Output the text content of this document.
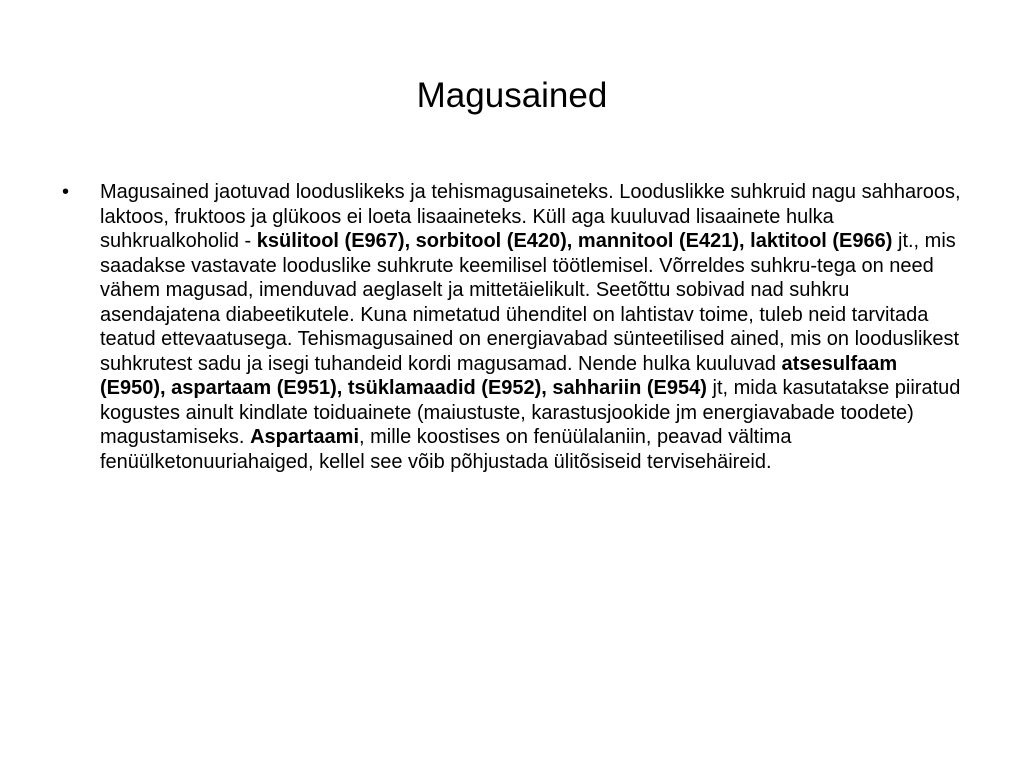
Magusained
• Magusained jaotuvad looduslikeks ja tehismagusaineteks. Looduslikke suhkruid nagu sahharoos, laktoos, fruktoos ja glükoos ei loeta lisaaineteks. Küll aga kuuluvad lisaainete hulka suhkrualkoholid - ksülitool (E967), sorbitool (E420), mannitool (E421), laktitool (E966) jt., mis saadakse vastavate looduslike suhkrute keemilisel töötlemisel. Võrreldes suhkru-tega on need vähem magusad, imenduvad aeglaselt ja mittetäielikult. Seetõttu sobivad nad suhkru asendajatena diabeetikutele. Kuna nimetatud ühenditel on lahtistav toime, tuleb neid tarvitada teatud ettevaatusega. Tehismagusained on energiavabad sünteetilised ained, mis on looduslikest suhkrutest sadu ja isegi tuhandeid kordi magusamad. Nende hulka kuuluvad atsesulfaam (E950), aspartaam (E951), tsüklamaadid (E952), sahhariin (E954) jt, mida kasutatakse piiratud kogustes ainult kindlate toiduainete (maiustuste, karastusjookide jm energiavabade toodete) magustamiseks. Aspartaami, mille koostises on fenüülalaniin, peavad vältima fenüülketonuuriahaiged, kellel see võib põhjustada ülitõsiseid tervisehäireid.
